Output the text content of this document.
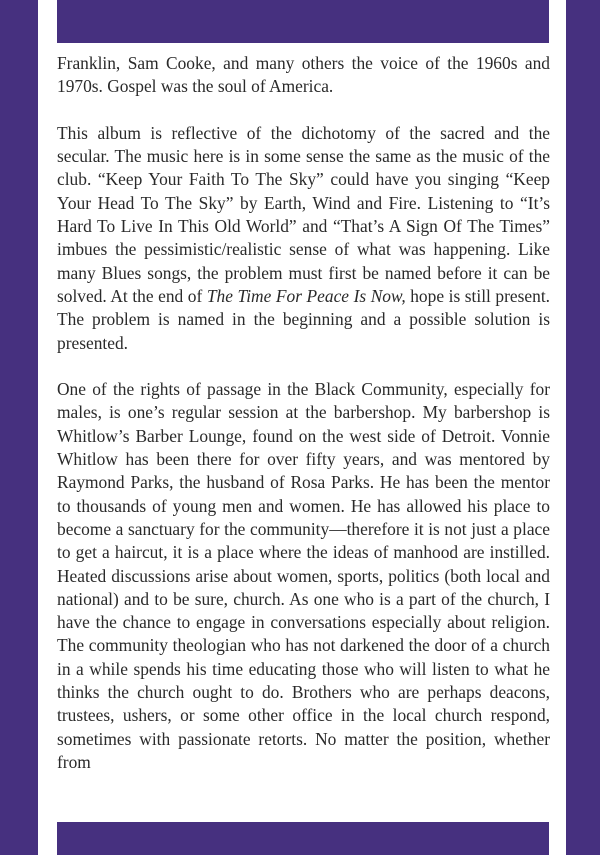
Franklin, Sam Cooke, and many others the voice of the 1960s and 1970s. Gospel was the soul of America.

This album is reflective of the dichotomy of the sacred and the secular. The music here is in some sense the same as the music of the club. “Keep Your Faith To The Sky” could have you singing “Keep Your Head To The Sky” by Earth, Wind and Fire. Listening to “It’s Hard To Live In This Old World” and “That’s A Sign Of The Times” imbues the pessimistic/realistic sense of what was happening. Like many Blues songs, the problem must first be named before it can be solved. At the end of The Time For Peace Is Now, hope is still present. The problem is named in the beginning and a possible solution is presented.

One of the rights of passage in the Black Community, especially for males, is one’s regular session at the barbershop. My barbershop is Whitlow’s Barber Lounge, found on the west side of Detroit. Vonnie Whitlow has been there for over fifty years, and was mentored by Raymond Parks, the husband of Rosa Parks. He has been the mentor to thousands of young men and women. He has allowed his place to become a sanctuary for the community—therefore it is not just a place to get a haircut, it is a place where the ideas of manhood are instilled. Heated discussions arise about women, sports, politics (both local and national) and to be sure, church. As one who is a part of the church, I have the chance to engage in conversations especially about religion. The community theologian who has not darkened the door of a church in a while spends his time educating those who will listen to what he thinks the church ought to do. Brothers who are perhaps deacons, trustees, ushers, or some other office in the local church respond, sometimes with passionate retorts. No matter the position, whether from
